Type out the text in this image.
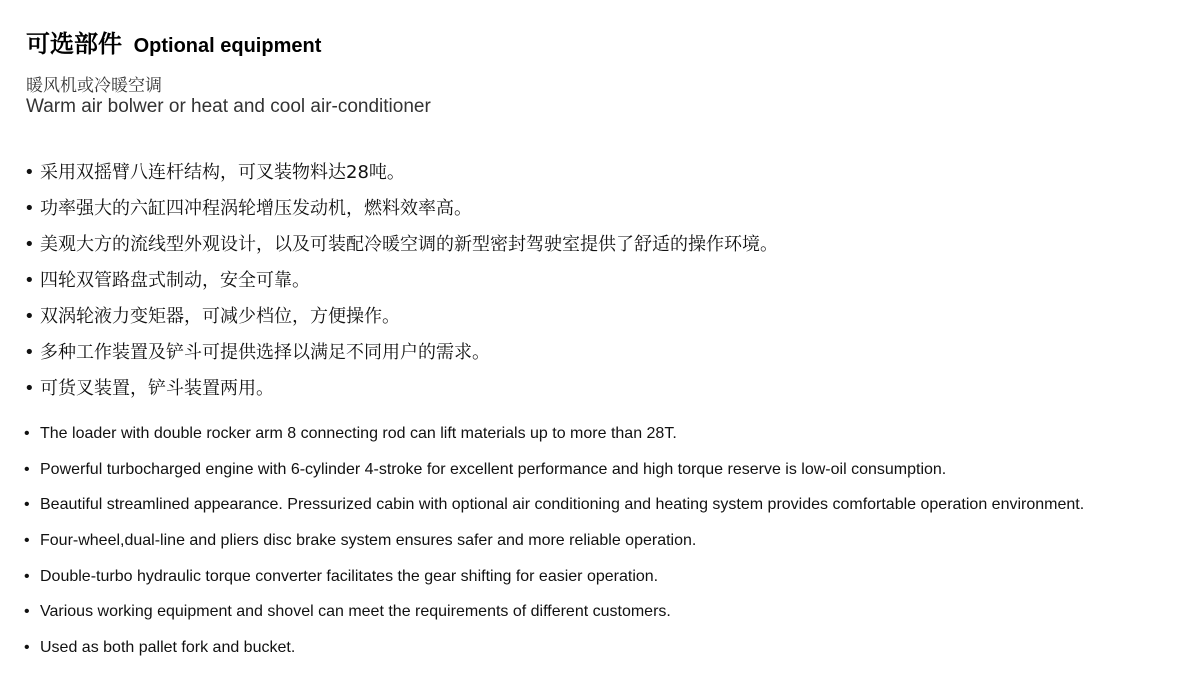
可选部件 Optional equipment
暖风机或冷暖空调
Warm air bolwer or heat and cool air-conditioner
• 采用双摇臂八连杆结构，可叉装物料达28吨。
• 功率强大的六缸四冲程涡轮增压发动机，燃料效率高。
• 美观大方的流线型外观设计，以及可装配冷暖空调的新型密封驾驶室提供了舒适的操作环境。
• 四轮双管路盘式制动，安全可靠。
• 双涡轮液力变矩器，可减少档位，方便操作。
• 多种工作装置及铲斗可提供选择以满足不同用户的需求。
• 可货叉装置，铲斗装置两用。
• The loader with double rocker arm 8 connecting rod can lift materials up to more than 28T.
• Powerful turbocharged engine with 6-cylinder 4-stroke for excellent performance and high torque reserve is low-oil consumption.
• Beautiful streamlined appearance. Pressurized cabin with optional air conditioning and heating system provides comfortable operation environment.
• Four-wheel,dual-line and pliers disc brake system ensures safer and more reliable operation.
• Double-turbo hydraulic torque converter facilitates the gear shifting for easier operation.
• Various working equipment and shovel can meet the requirements of different customers.
• Used as both pallet fork and bucket.
